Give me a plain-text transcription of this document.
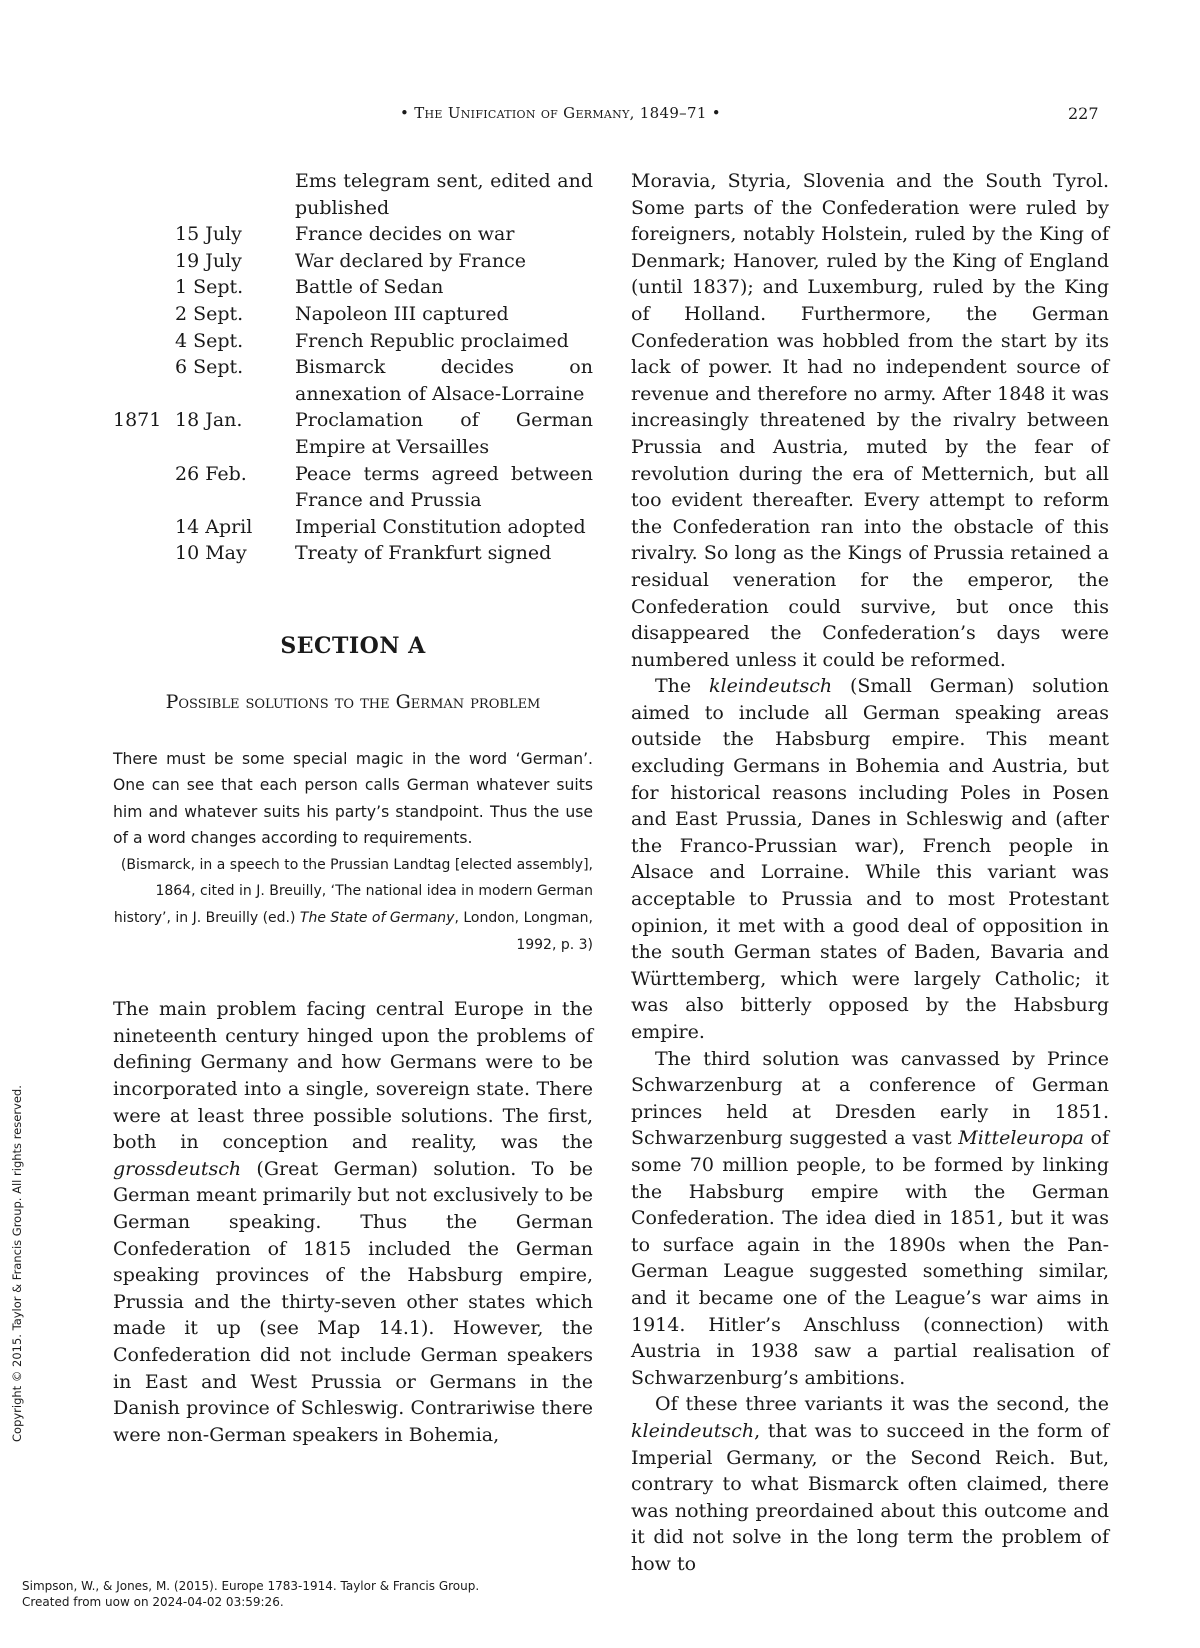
• The Unification of Germany, 1849–71 •	227
Ems telegram sent, edited and published
15 July	France decides on war
19 July	War declared by France
1 Sept.	Battle of Sedan
2 Sept.	Napoleon III captured
4 Sept.	French Republic proclaimed
6 Sept.	Bismarck decides on annexation of Alsace-Lorraine
1871 18 Jan.	Proclamation of German Empire at Versailles
26 Feb.	Peace terms agreed between France and Prussia
14 April	Imperial Constitution adopted
10 May	Treaty of Frankfurt signed
SECTION A
Possible solutions to the German problem
There must be some special magic in the word ‘German’. One can see that each person calls German whatever suits him and whatever suits his party’s standpoint. Thus the use of a word changes according to requirements.
(Bismarck, in a speech to the Prussian Landtag [elected assembly], 1864, cited in J. Breuilly, ‘The national idea in modern German history’, in J. Breuilly (ed.) The State of Germany, London, Longman, 1992, p. 3)

The main problem facing central Europe in the nineteenth century hinged upon the problems of defining Germany and how Germans were to be incorporated into a single, sovereign state. There were at least three possible solutions. The first, both in conception and reality, was the grossdeutsch (Great German) solution. To be German meant primarily but not exclusively to be German speaking. Thus the German Confederation of 1815 included the German speaking provinces of the Habsburg empire, Prussia and the thirty-seven other states which made it up (see Map 14.1). However, the Confederation did not include German speakers in East and West Prussia or Germans in the Danish province of Schleswig. Contrariwise there were non-German speakers in Bohemia,

Moravia, Styria, Slovenia and the South Tyrol. Some parts of the Confederation were ruled by foreigners, notably Holstein, ruled by the King of Denmark; Hanover, ruled by the King of England (until 1837); and Luxemburg, ruled by the King of Holland. Furthermore, the German Confederation was hobbled from the start by its lack of power. It had no independent source of revenue and therefore no army. After 1848 it was increasingly threatened by the rivalry between Prussia and Austria, muted by the fear of revolution during the era of Metternich, but all too evident thereafter. Every attempt to reform the Confederation ran into the obstacle of this rivalry. So long as the Kings of Prussia retained a residual veneration for the emperor, the Confederation could survive, but once this disappeared the Confederation’s days were numbered unless it could be reformed.

The kleindeutsch (Small German) solution aimed to include all German speaking areas outside the Habsburg empire. This meant excluding Germans in Bohemia and Austria, but for historical reasons including Poles in Posen and East Prussia, Danes in Schleswig and (after the Franco-Prussian war), French people in Alsace and Lorraine. While this variant was acceptable to Prussia and to most Protestant opinion, it met with a good deal of opposition in the south German states of Baden, Bavaria and Württemberg, which were largely Catholic; it was also bitterly opposed by the Habsburg empire.

The third solution was canvassed by Prince Schwarzenburg at a conference of German princes held at Dresden early in 1851. Schwarzenburg suggested a vast Mitteleuropa of some 70 million people, to be formed by linking the Habsburg empire with the German Confederation. The idea died in 1851, but it was to surface again in the 1890s when the Pan-German League suggested something similar, and it became one of the League’s war aims in 1914. Hitler’s Anschluss (connection) with Austria in 1938 saw a partial realisation of Schwarzenburg’s ambitions.

Of these three variants it was the second, the kleindeutsch, that was to succeed in the form of Imperial Germany, or the Second Reich. But, contrary to what Bismarck often claimed, there was nothing preordained about this outcome and it did not solve in the long term the problem of how to

Copyright © 2015. Taylor & Francis Group. All rights reserved.
Simpson, W., & Jones, M. (2015). Europe 1783-1914. Taylor & Francis Group.
Created from uow on 2024-04-02 03:59:26.
